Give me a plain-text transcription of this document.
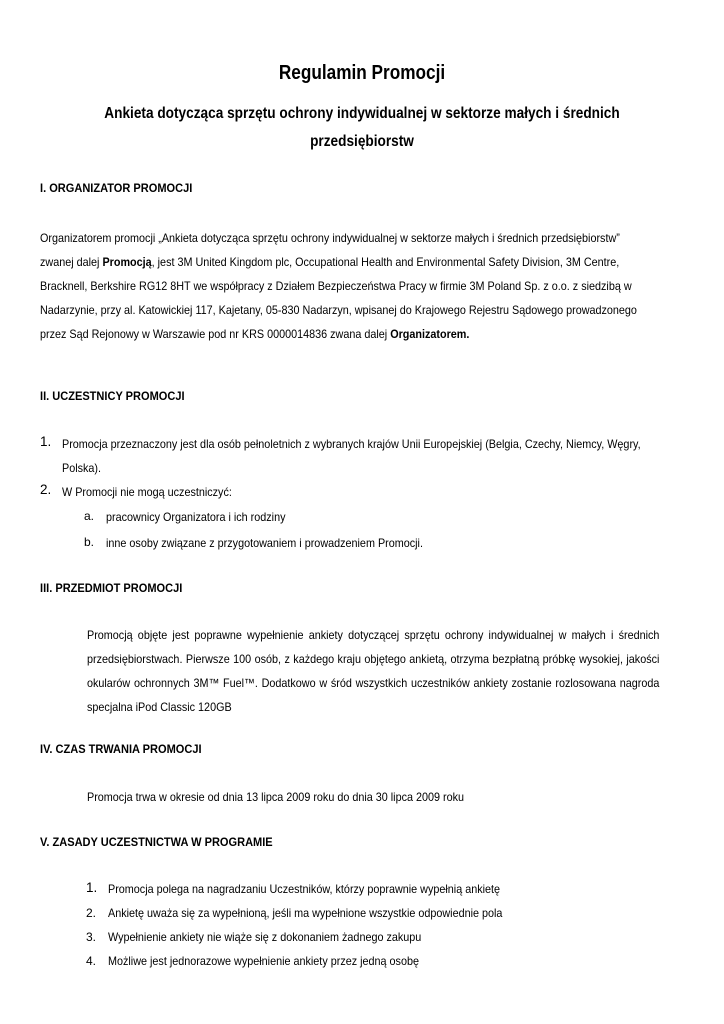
Regulamin Promocji
Ankieta dotycząca sprzętu ochrony indywidualnej w sektorze małych i średnich
przedsiębiorstw
I. ORGANIZATOR PROMOCJI
Organizatorem promocji „Ankieta dotycząca sprzętu ochrony indywidualnej w sektorze małych i średnich przedsiębiorstw”
zwanej dalej Promocją, jest 3M United Kingdom plc, Occupational Health and Environmental Safety Division, 3M Centre,
Bracknell, Berkshire RG12 8HT we współpracy z Działem Bezpieczeństwa Pracy w firmie 3M Poland Sp. z o.o. z siedzibą w
Nadarzynie, przy al. Katowickiej 117, Kajetany, 05-830 Nadarzyn, wpisanej do Krajowego Rejestru Sądowego prowadzonego
przez Sąd Rejonowy w Warszawie pod nr KRS 0000014836 zwana dalej Organizatorem.
II. UCZESTNICY PROMOCJI
1. Promocja przeznaczony jest dla osób pełnoletnich z wybranych krajów Unii Europejskiej (Belgia, Czechy, Niemcy, Węgry,
Polska).
2. W Promocji nie mogą uczestniczyć:
a. pracownicy Organizatora i ich rodziny
b. inne osoby związane z przygotowaniem i prowadzeniem Promocji.
III. PRZEDMIOT PROMOCJI
Promocją objęte jest poprawne wypełnienie ankiety dotyczącej sprzętu ochrony indywidualnej w małych i średnich
przedsiębiorstwach. Pierwsze 100 osób, z każdego kraju objętego ankietą, otrzyma bezpłatną próbkę wysokiej, jakości
okularów ochronnych 3M™ Fuel™. Dodatkowo w śród wszystkich uczestników ankiety zostanie rozlosowana nagroda
specjalna iPod Classic 120GB
IV. CZAS TRWANIA PROMOCJI
Promocja trwa w okresie od dnia 13 lipca 2009 roku do dnia 30 lipca 2009 roku
V. ZASADY UCZESTNICTWA W PROGRAMIE
1. Promocja polega na nagradzaniu Uczestników, którzy poprawnie wypełnią ankietę
2. Ankietę uważa się za wypełnioną, jeśli ma wypełnione wszystkie odpowiednie pola
3. Wypełnienie ankiety nie wiąże się z dokonaniem żadnego zakupu
4. Możliwe jest jednorazowe wypełnienie ankiety przez jedną osobę
